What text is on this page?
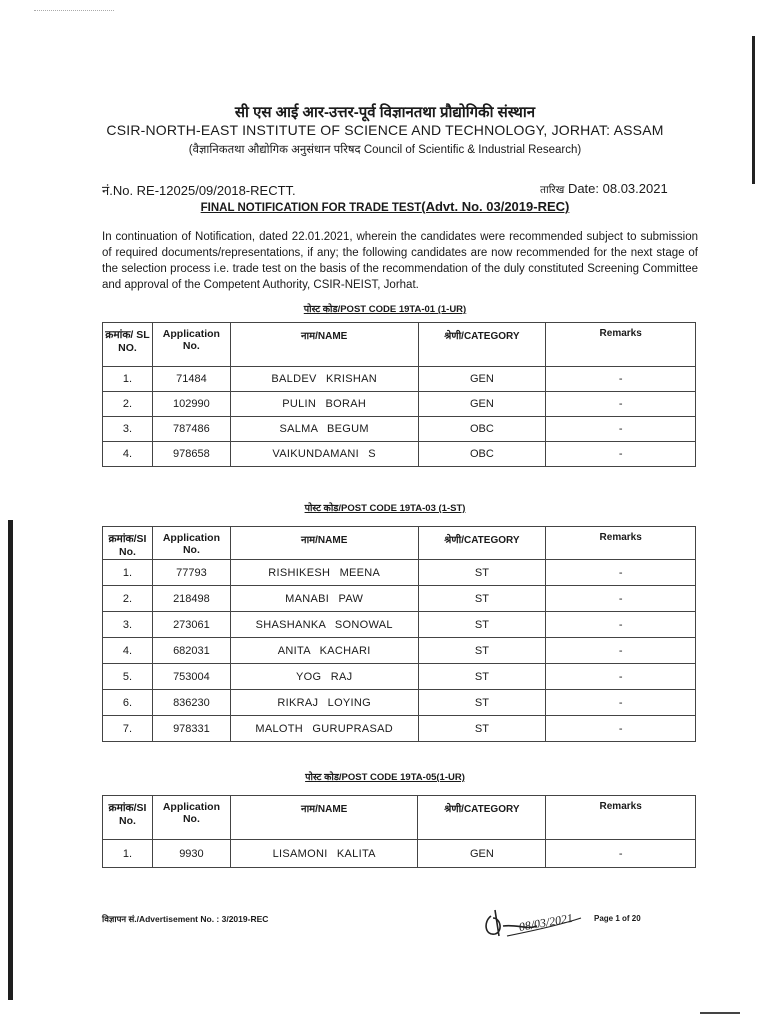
सी एस आई आर-उत्तर-पूर्व विज्ञानतथा प्रौद्योगिकी संस्थान
CSIR-NORTH-EAST INSTITUTE OF SCIENCE AND TECHNOLOGY, JORHAT: ASSAM
(वैज्ञानिकतथा औद्योगिक अनुसंधान परिषद Council of Scientific & Industrial Research)
नं.No. RE-12025/09/2018-RECTT.	तारिख Date: 08.03.2021
FINAL NOTIFICATION FOR TRADE TEST(Advt. No. 03/2019-REC)
In continuation of Notification, dated 22.01.2021, wherein the candidates were recommended subject to submission of required documents/representations, if any; the following candidates are now recommended for the next stage of the selection process i.e. trade test on the basis of the recommendation of the duly constituted Screening Committee and approval of the Competent Authority, CSIR-NEIST, Jorhat.
पोस्ट कोड/POST CODE 19TA-01 (1-UR)
क्रमांक/ SL NO.	Application No.	नाम/NAME	श्रेणी/CATEGORY	Remarks
1.	71484	BALDEV KRISHAN	GEN	-
2.	102990	PULIN BORAH	GEN	-
3.	787486	SALMA BEGUM	OBC	-
4.	978658	VAIKUNDAMANI S	OBC	-
पोस्ट कोड/POST CODE 19TA-03 (1-ST)
क्रमांक/SI No.	Application No.	नाम/NAME	श्रेणी/CATEGORY	Remarks
1.	77793	RISHIKESH MEENA	ST	-
2.	218498	MANABI PAW	ST	-
3.	273061	SHASHANKA SONOWAL	ST	-
4.	682031	ANITA KACHARI	ST	-
5.	753004	YOG RAJ	ST	-
6.	836230	RIKRAJ LOYING	ST	-
7.	978331	MALOTH GURUPRASAD	ST	-
पोस्ट कोड/POST CODE 19TA-05(1-UR)
क्रमांक/SI No.	Application No.	नाम/NAME	श्रेणी/CATEGORY	Remarks
1.	9930	LISAMONI KALITA	GEN	-
विज्ञापन सं./Advertisement No. : 3/2019-REC	08/03/2021	Page 1 of 20
